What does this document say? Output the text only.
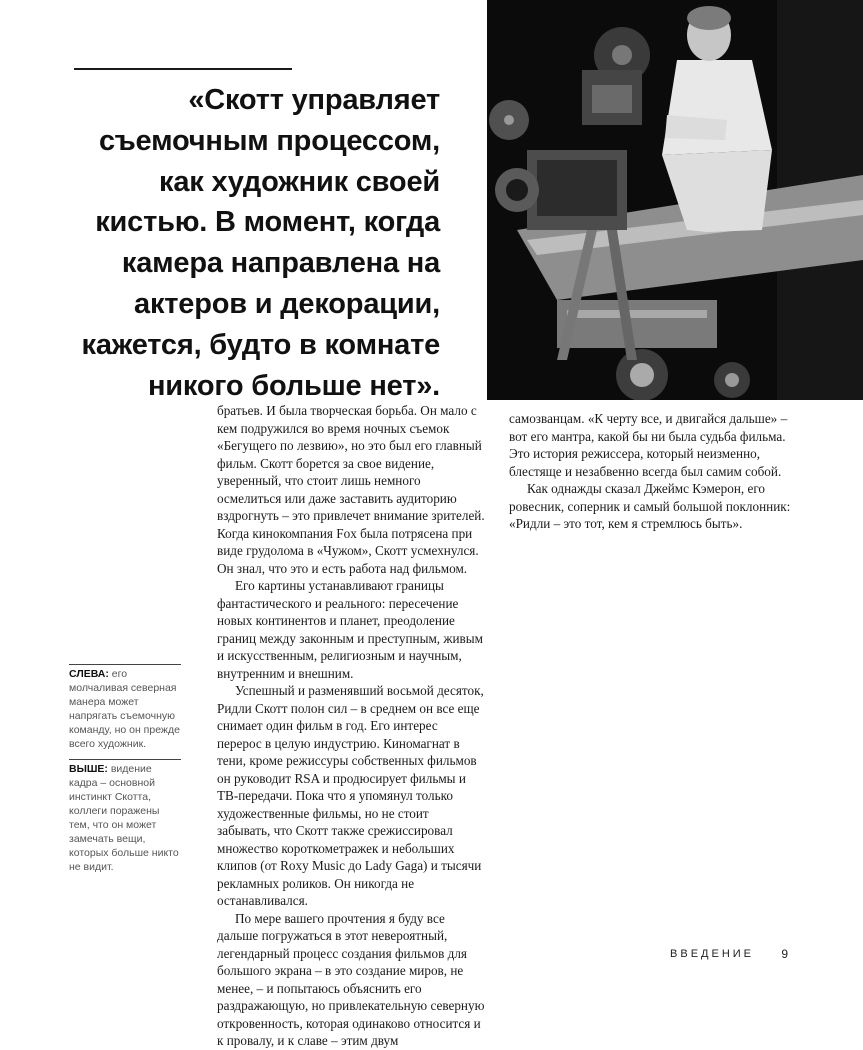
«Скотт управляет
съемочным процессом,
как художник своей
кистью. В момент, когда
камера направлена на
актеров и декорации,
кажется, будто в комнате
никого больше нет».

братьев. И была творческая борьба. Он мало с кем подружился во время ночных съемок «Бегущего по лезвию», но это был его главный фильм. Скотт борется за свое видение, уверенный, что стоит лишь немного осмелиться или даже заставить аудиторию вздрогнуть – это привлечет внимание зрителей. Когда кинокомпания Fox была потрясена при виде грудолома в «Чужом», Скотт усмехнулся. Он знал, что это и есть работа над фильмом.

Его картины устанавливают границы фантастического и реального: пересечение новых континентов и планет, преодоление границ между законным и преступным, живым и искусственным, религиозным и научным, внутренним и внешним.

Успешный и разменявший восьмой десяток, Ридли Скотт полон сил – в среднем он все еще снимает один фильм в год. Его интерес перерос в целую индустрию. Киномагнат в тени, кроме режиссуры собственных фильмов он руководит RSA и продюсирует фильмы и ТВ-передачи. Пока что я упомянул только художественные фильмы, но не стоит забывать, что Скотт также срежиссировал множество короткометражек и небольших клипов (от Roxy Music до Lady Gaga) и тысячи рекламных роликов. Он никогда не останавливался.

По мере вашего прочтения я буду все дальше погружаться в этот невероятный, легендарный процесс создания фильмов для большого экрана – в это создание миров, не менее, – и попытаюсь объяснить его раздражающую, но привлекательную северную откровенность, которая одинаково относится и к провалу, и к славе – этим двум

самозванцам. «К черту все, и двигайся дальше» – вот его мантра, какой бы ни была судьба фильма. Это история режиссера, который неизменно, блестяще и незабвенно всегда был самим собой.

Как однажды сказал Джеймс Кэмерон, его ровесник, соперник и самый большой поклонник: «Ридли – это тот, кем я стремлюсь быть».

СЛЕВА: его молчаливая северная манера может напрягать съемочную команду, но он прежде всего художник.

ВЫШЕ: видение кадра – основной инстинкт Скотта, коллеги поражены тем, что он может замечать вещи, которых больше никто не видит.

ВВЕДЕНИЕ 9
